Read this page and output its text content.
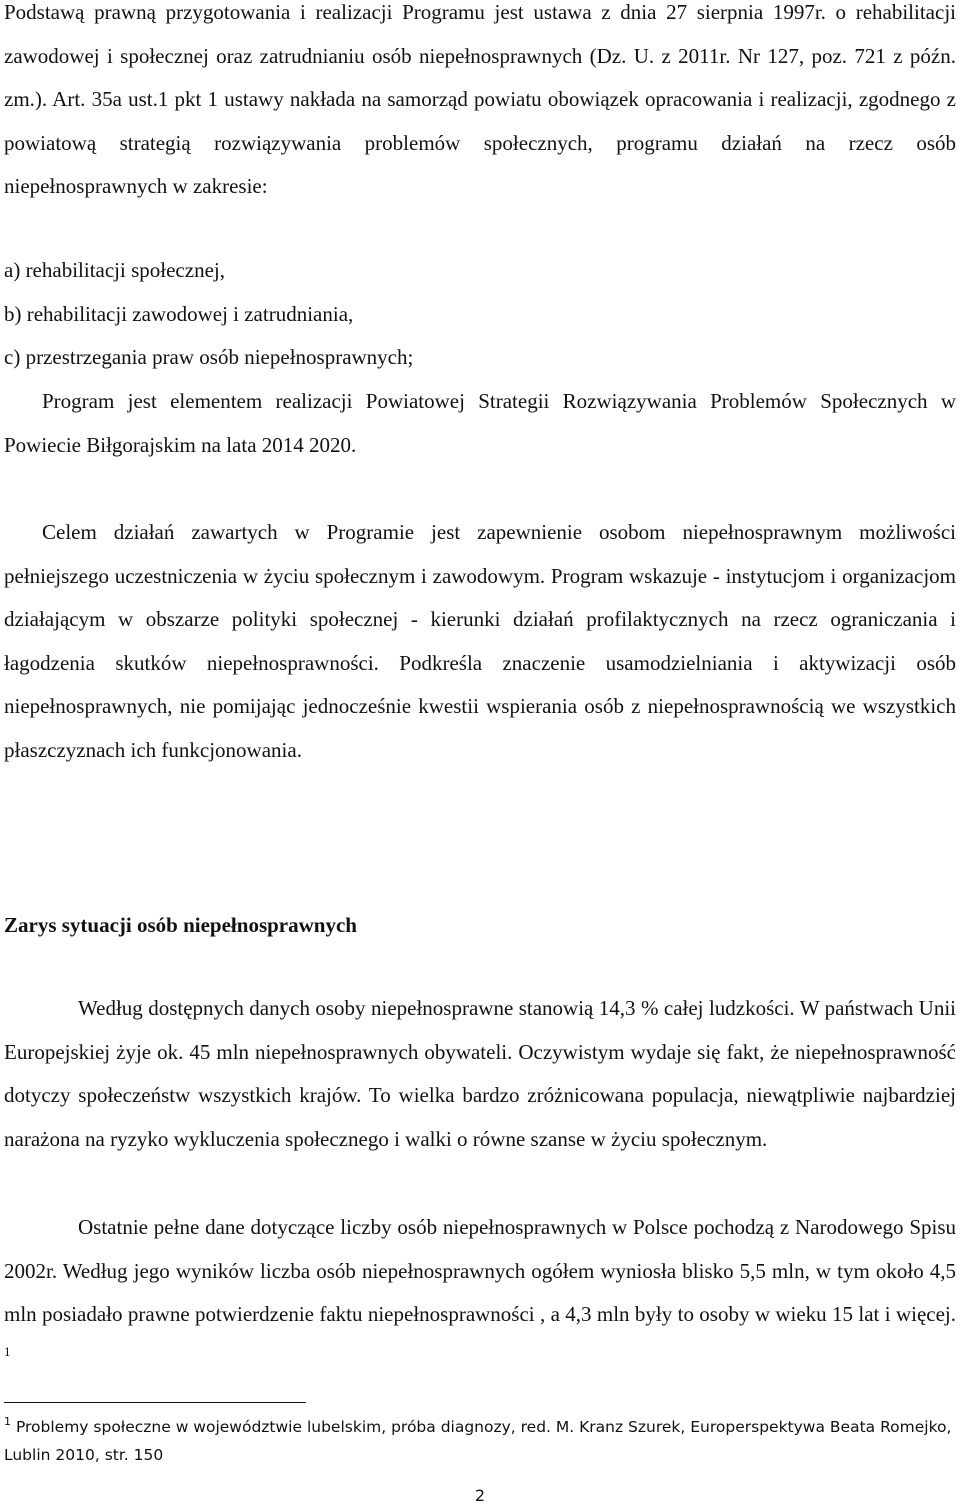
Podstawą prawną przygotowania i realizacji Programu jest ustawa z dnia 27 sierpnia 1997r. o rehabilitacji zawodowej i społecznej oraz zatrudnianiu osób niepełnosprawnych (Dz. U. z 2011r. Nr 127, poz. 721 z późn. zm.). Art. 35a ust.1 pkt 1 ustawy nakłada na samorząd powiatu obowiązek opracowania i realizacji, zgodnego z powiatową strategią rozwiązywania problemów społecznych, programu działań na rzecz osób niepełnosprawnych w zakresie:

a) rehabilitacji społecznej,

b) rehabilitacji zawodowej i zatrudniania,

c) przestrzegania praw osób niepełnosprawnych;

Program jest elementem realizacji Powiatowej Strategii Rozwiązywania Problemów Społecznych w Powiecie Biłgorajskim na lata 2014 2020.

Celem działań zawartych w Programie jest zapewnienie osobom niepełnosprawnym możliwości pełniejszego uczestniczenia w życiu społecznym i zawodowym. Program wskazuje - instytucjom i organizacjom działającym w obszarze polityki społecznej - kierunki działań profilaktycznych na rzecz ograniczania i łagodzenia skutków niepełnosprawności. Podkreśla znaczenie usamodzielniania i aktywizacji osób niepełnosprawnych, nie pomijając jednocześnie kwestii wspierania osób z niepełnosprawnością we wszystkich płaszczyznach ich funkcjonowania.

Zarys sytuacji osób niepełnosprawnych

Według dostępnych danych osoby niepełnosprawne stanowią 14,3 % całej ludzkości. W państwach Unii Europejskiej żyje ok. 45 mln niepełnosprawnych obywateli. Oczywistym wydaje się fakt, że niepełnosprawność dotyczy społeczeństw wszystkich krajów. To wielka bardzo zróżnicowana populacja, niewątpliwie najbardziej narażona na ryzyko wykluczenia społecznego i walki o równe szanse w życiu społecznym.

Ostatnie pełne dane dotyczące liczby osób niepełnosprawnych w Polsce pochodzą z Narodowego Spisu 2002r. Według jego wyników liczba osób niepełnosprawnych ogółem wyniosła blisko 5,5 mln, w tym około 4,5 mln posiadało prawne potwierdzenie faktu niepełnosprawności , a 4,3 mln były to osoby w wieku 15 lat i więcej. $^1$

$^1$ Problemy społeczne w województwie lubelskim, próba diagnozy, red. M. Kranz Szurek, Europerspektywa Beata Romejko, Lublin 2010, str. 150

2
